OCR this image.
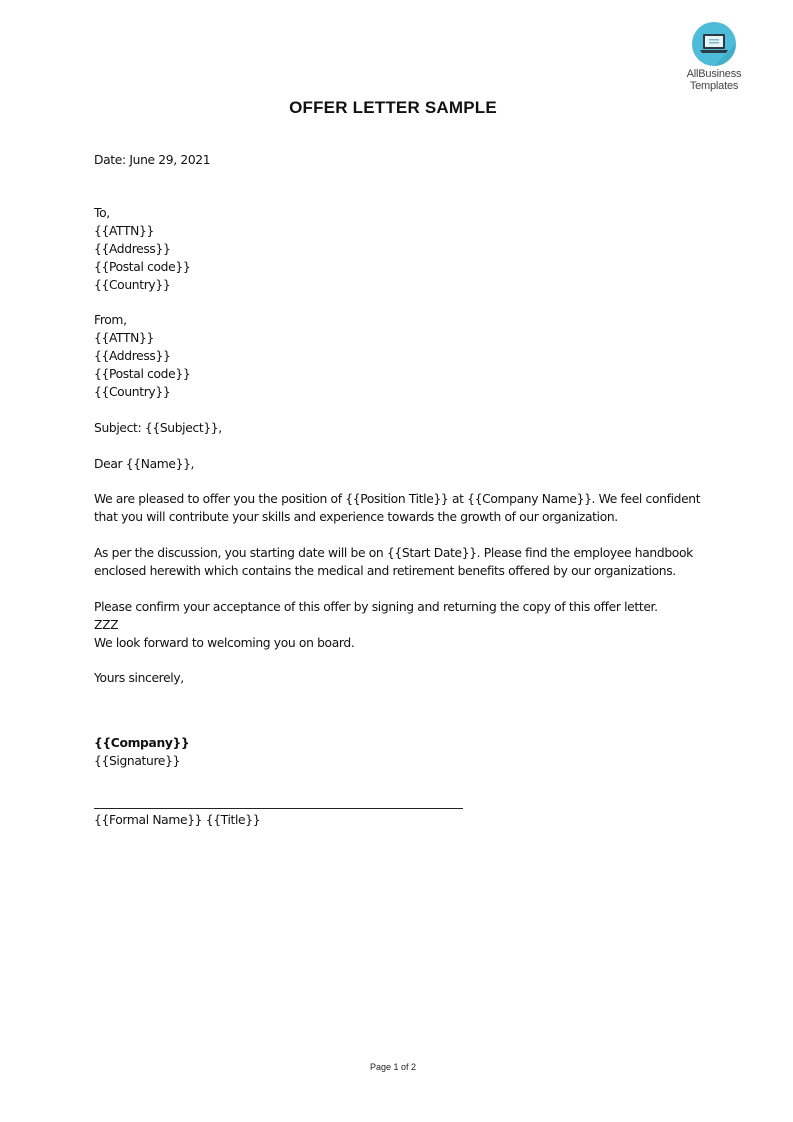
AllBusiness
Templates
OFFER LETTER SAMPLE
Date: June 29, 2021
To,
{{ATTN}}
{{Address}}
{{Postal code}}
{{Country}}
From,
{{ATTN}}
{{Address}}
{{Postal code}}
{{Country}}
Subject: {{Subject}},
Dear {{Name}},
We are pleased to offer you the position of {{Position Title}} at {{Company Name}}. We feel confident
that you will contribute your skills and experience towards the growth of our organization.
As per the discussion, you starting date will be on {{Start Date}}. Please find the employee handbook
enclosed herewith which contains the medical and retirement benefits offered by our organizations.
Please confirm your acceptance of this offer by signing and returning the copy of this offer letter.
ZZZ
We look forward to welcoming you on board.
Yours sincerely,
{{Company}}
{{Signature}}
{{Formal Name}} {{Title}}
Page 1 of 2
